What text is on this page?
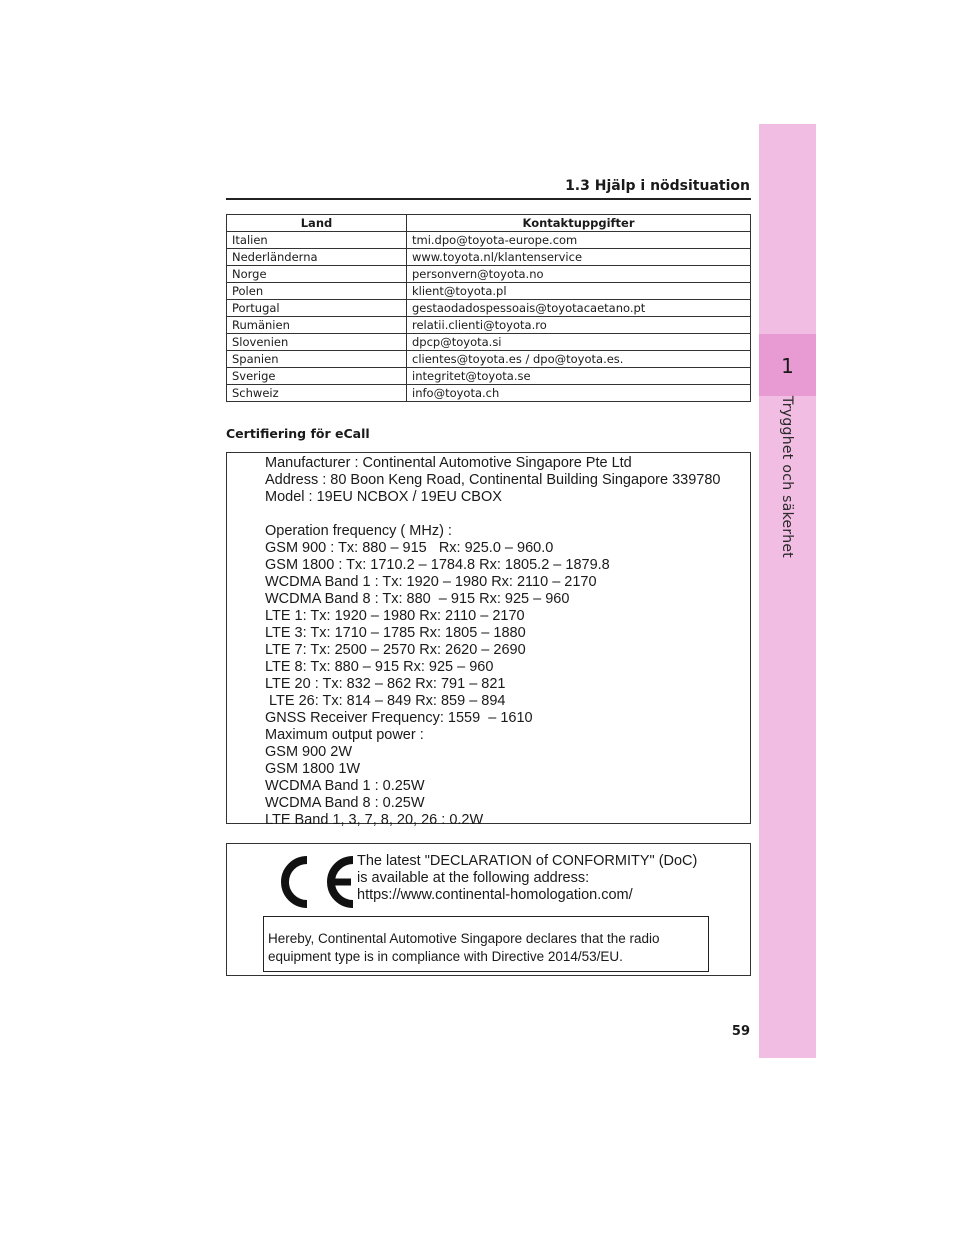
1
Trygghet och säkerhet
1.3 Hjälp i nödsituation
Land	Kontaktuppgifter
Italien	tmi.dpo@toyota-europe.com
Nederländerna	www.toyota.nl/klantenservice
Norge	personvern@toyota.no
Polen	klient@toyota.pl
Portugal	gestaodadospessoais@toyotacaetano.pt
Rumänien	relatii.clienti@toyota.ro
Slovenien	dpcp@toyota.si
Spanien	clientes@toyota.es / dpo@toyota.es.
Sverige	integritet@toyota.se
Schweiz	info@toyota.ch
Certifiering för eCall
Manufacturer : Continental Automotive Singapore Pte Ltd
Address : 80 Boon Keng Road, Continental Building Singapore 339780
Model : 19EU NCBOX / 19EU CBOX
Operation frequency ( MHz) :
GSM 900 : Tx: 880 – 915   Rx: 925.0 – 960.0
GSM 1800 : Tx: 1710.2 – 1784.8 Rx: 1805.2 – 1879.8
WCDMA Band 1 : Tx: 1920 – 1980 Rx: 2110 – 2170
WCDMA Band 8 : Tx: 880  – 915 Rx: 925 – 960
LTE 1: Tx: 1920 – 1980 Rx: 2110 – 2170
LTE 3: Tx: 1710 – 1785 Rx: 1805 – 1880
LTE 7: Tx: 2500 – 2570 Rx: 2620 – 2690
LTE 8: Tx: 880 – 915 Rx: 925 – 960
LTE 20 : Tx: 832 – 862 Rx: 791 – 821
LTE 26: Tx: 814 – 849 Rx: 859 – 894
GNSS Receiver Frequency: 1559  – 1610
Maximum output power :
GSM 900 2W
GSM 1800 1W
WCDMA Band 1 : 0.25W
WCDMA Band 8 : 0.25W
LTE Band 1, 3, 7, 8, 20, 26 : 0.2W
The latest "DECLARATION of CONFORMITY" (DoC)
is available at the following address:
https://www.continental-homologation.com/
Hereby, Continental Automotive Singapore declares that the radio
equipment type is in compliance with Directive 2014/53/EU.
59
